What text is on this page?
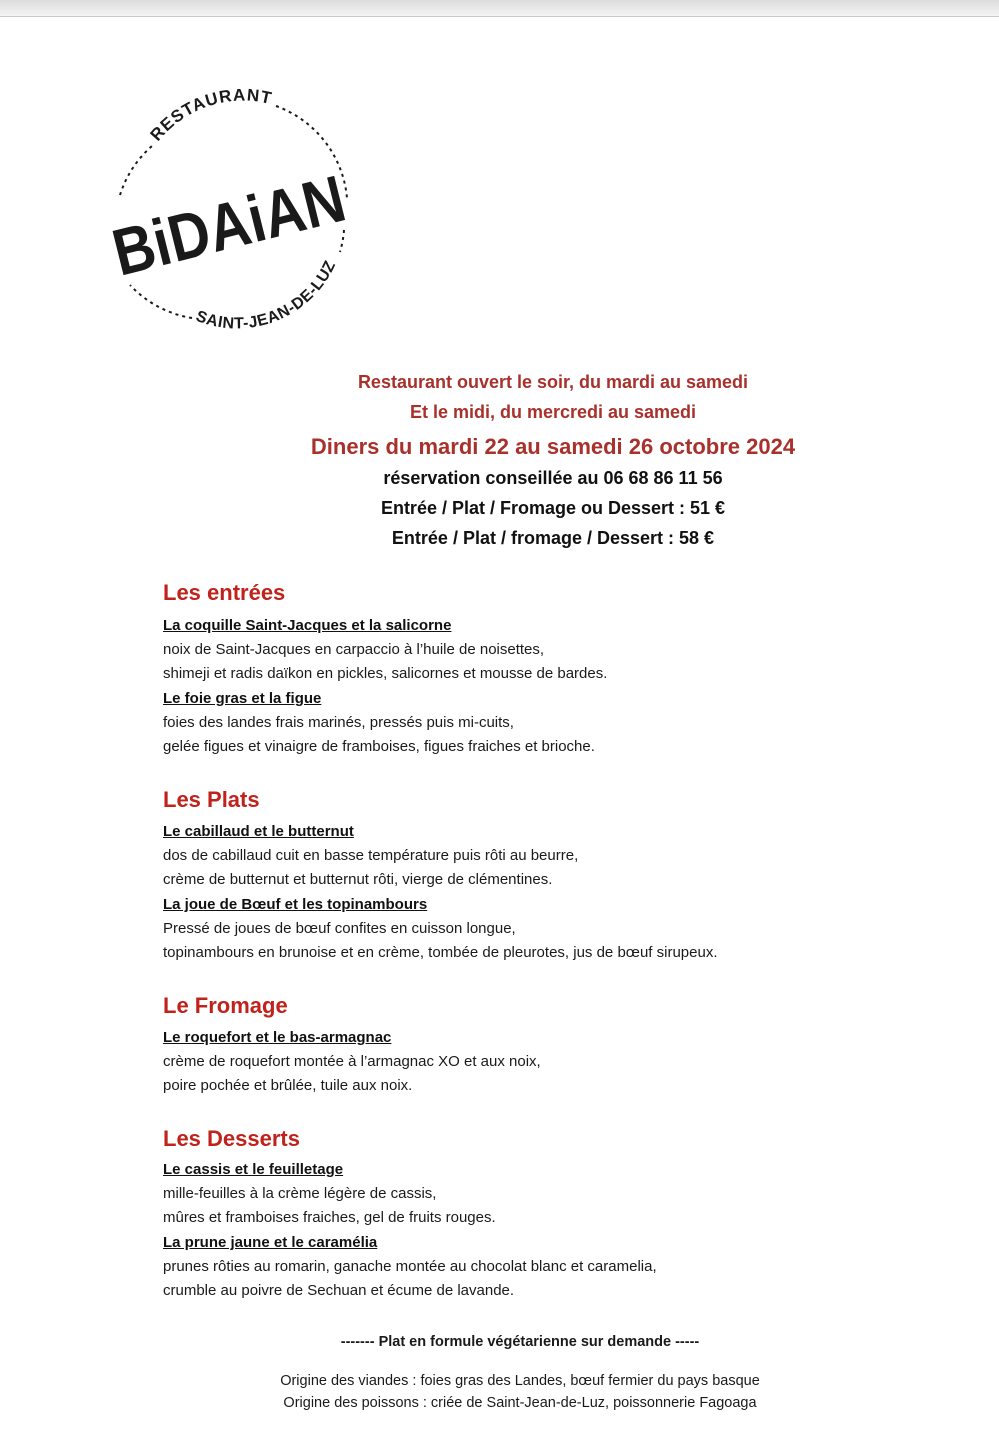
RESTAURANT
BiDAiAN
SAINT-JEAN-DE-LUZ
Restaurant ouvert le soir, du mardi au samedi
Et le midi, du mercredi au samedi
Diners du mardi 22 au samedi 26 octobre 2024
réservation conseillée au 06 68 86 11 56
Entrée / Plat / Fromage ou Dessert : 51 €
Entrée / Plat / fromage / Dessert : 58 €
Les entrées
La coquille Saint-Jacques et la salicorne
noix de Saint-Jacques en carpaccio à l’huile de noisettes,
shimeji et radis daïkon en pickles, salicornes et mousse de bardes.
Le foie gras et la figue
foies des landes frais marinés, pressés puis mi-cuits,
gelée figues et vinaigre de framboises, figues fraiches et brioche.
Les Plats
Le cabillaud et le butternut
dos de cabillaud cuit en basse température puis rôti au beurre,
crème de butternut et butternut rôti, vierge de clémentines.
La joue de Bœuf et les topinambours
Pressé de joues de bœuf confites en cuisson longue,
topinambours en brunoise et en crème, tombée de pleurotes, jus de bœuf sirupeux.
Le Fromage
Le roquefort et le bas-armagnac
crème de roquefort montée à l’armagnac XO et aux noix,
poire pochée et brûlée, tuile aux noix.
Les Desserts
Le cassis et le feuilletage
mille-feuilles à la crème légère de cassis,
mûres et framboises fraiches, gel de fruits rouges.
La prune jaune et le caramélia
prunes rôties au romarin, ganache montée au chocolat blanc et caramelia,
crumble au poivre de Sechuan et écume de lavande.
------- Plat en formule végétarienne sur demande -----
Origine des viandes : foies gras des Landes, bœuf fermier du pays basque
Origine des poissons : criée de Saint-Jean-de-Luz, poissonnerie Fagoaga
